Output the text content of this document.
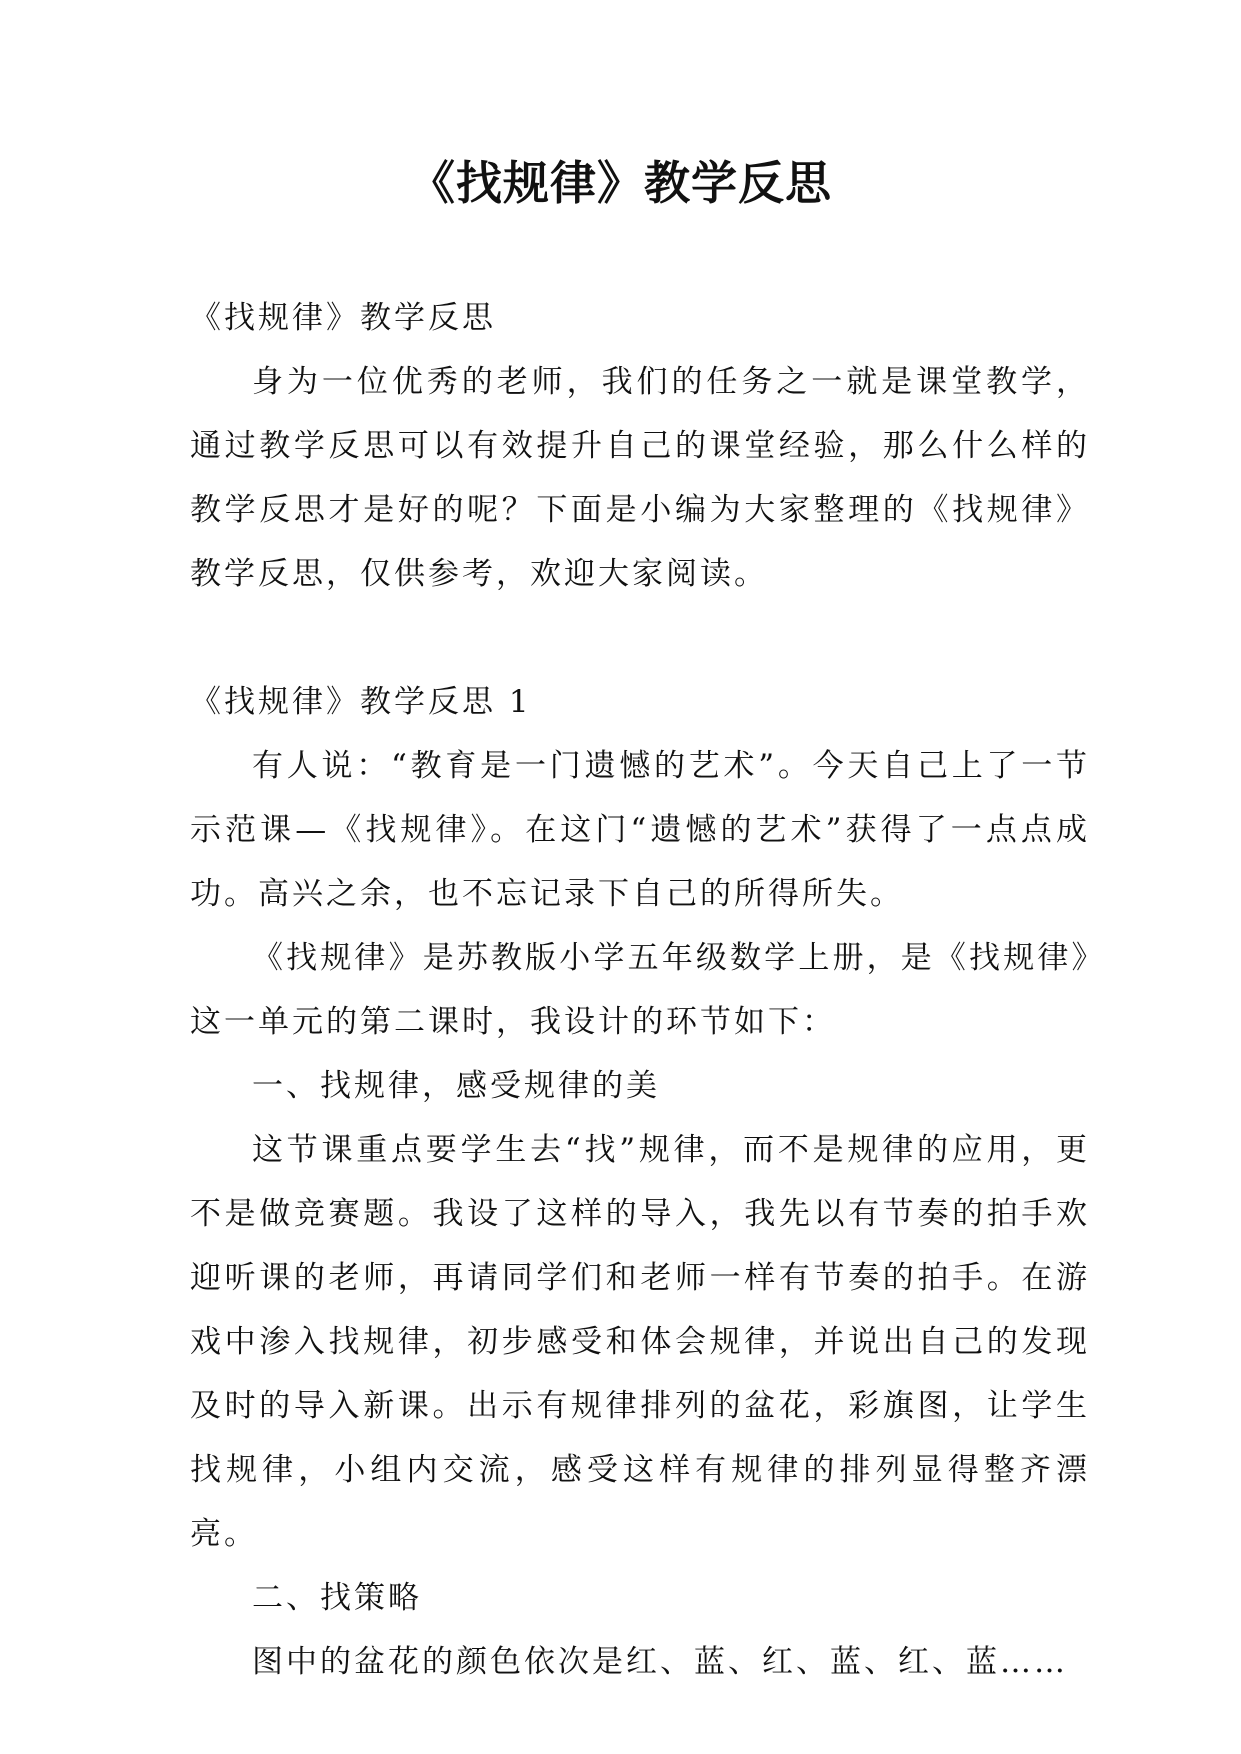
《找规律》教学反思
《找规律》教学反思

身为一位优秀的老师，我们的任务之一就是课堂教学，通过教学反思可以有效提升自己的课堂经验，那么什么样的教学反思才是好的呢？下面是小编为大家整理的《找规律》教学反思，仅供参考，欢迎大家阅读。

《找规律》教学反思 1

有人说：“教育是一门遗憾的艺术”。今天自己上了一节示范课—《找规律》。在这门“遗憾的艺术”获得了一点点成功。高兴之余，也不忘记录下自己的所得所失。

《找规律》是苏教版小学五年级数学上册，是《找规律》这一单元的第二课时，我设计的环节如下：

一、找规律，感受规律的美

这节课重点要学生去“找”规律，而不是规律的应用，更不是做竞赛题。我设了这样的导入，我先以有节奏的拍手欢迎听课的老师，再请同学们和老师一样有节奏的拍手。在游戏中渗入找规律，初步感受和体会规律，并说出自己的发现及时的导入新课。出示有规律排列的盆花，彩旗图，让学生找规律，小组内交流，感受这样有规律的排列显得整齐漂亮。

二、找策略

图中的盆花的颜色依次是红、蓝、红、蓝、红、蓝……
